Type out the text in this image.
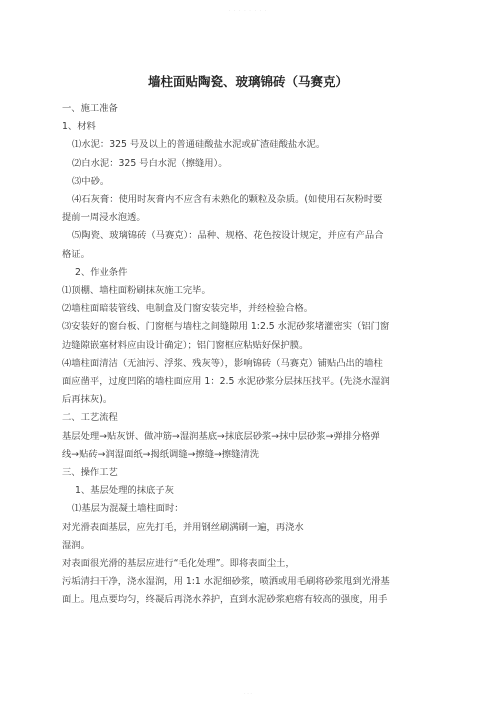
· · · · · · · ·
墙柱面贴陶瓷、玻璃锦砖（马赛克）

一、施工准备

1、材料

⑴水泥：325 号及以上的普通硅酸盐水泥或矿渣硅酸盐水泥。

⑵白水泥：325 号白水泥（擦缝用）。

⑶中砂。

⑷石灰膏：使用时灰膏内不应含有未熟化的颗粒及杂质。(如使用石灰粉时要

提前一周浸水泡透。

⑸陶瓷、玻璃锦砖（马赛克）：品种、规格、花色按设计规定，并应有产品合

格证。

2、作业条件

⑴顶棚、墙柱面粉刷抹灰施工完毕。

⑵墙柱面暗装管线、电制盒及门窗安装完毕，并经检验合格。

⑶安装好的窗台板、门窗框与墙柱之间缝隙用 1:2.5 水泥砂浆堵灌密实（铝门窗

边缝隙嵌塞材料应由设计确定）；铝门窗框应粘贴好保护膜。

⑷墙柱面清洁（无油污、浮浆、残灰等），影响锦砖（马赛克）铺贴凸出的墙柱

面应凿平，过度凹陷的墙柱面应用 1：2.5 水泥砂浆分层抹压找平。(先浇水湿润

后再抹灰)。

二、工艺流程

基层处理→贴灰饼、做冲筋→湿润基底→抹底层砂浆→抹中层砂浆→弹排分格弹

线→贴砖→润湿面纸→揭纸调缝→擦缝→擦缝清洗

三、操作工艺

1、基层处理的抹底子灰

⑴基层为混凝土墙柱面时：

对光滑表面基层，应先打毛，并用钢丝刷满刷一遍，再浇水

湿润。

对表面很光滑的基层应进行“毛化处理”。即将表面尘土，

污垢清扫干净，浇水湿润，用 1:1 水泥细砂浆，喷洒或用毛刷将砂浆甩到光滑基

面上。甩点要均匀，终凝后再浇水养护，直到水泥砂浆疤瘩有较高的强度，用手

· · ·
